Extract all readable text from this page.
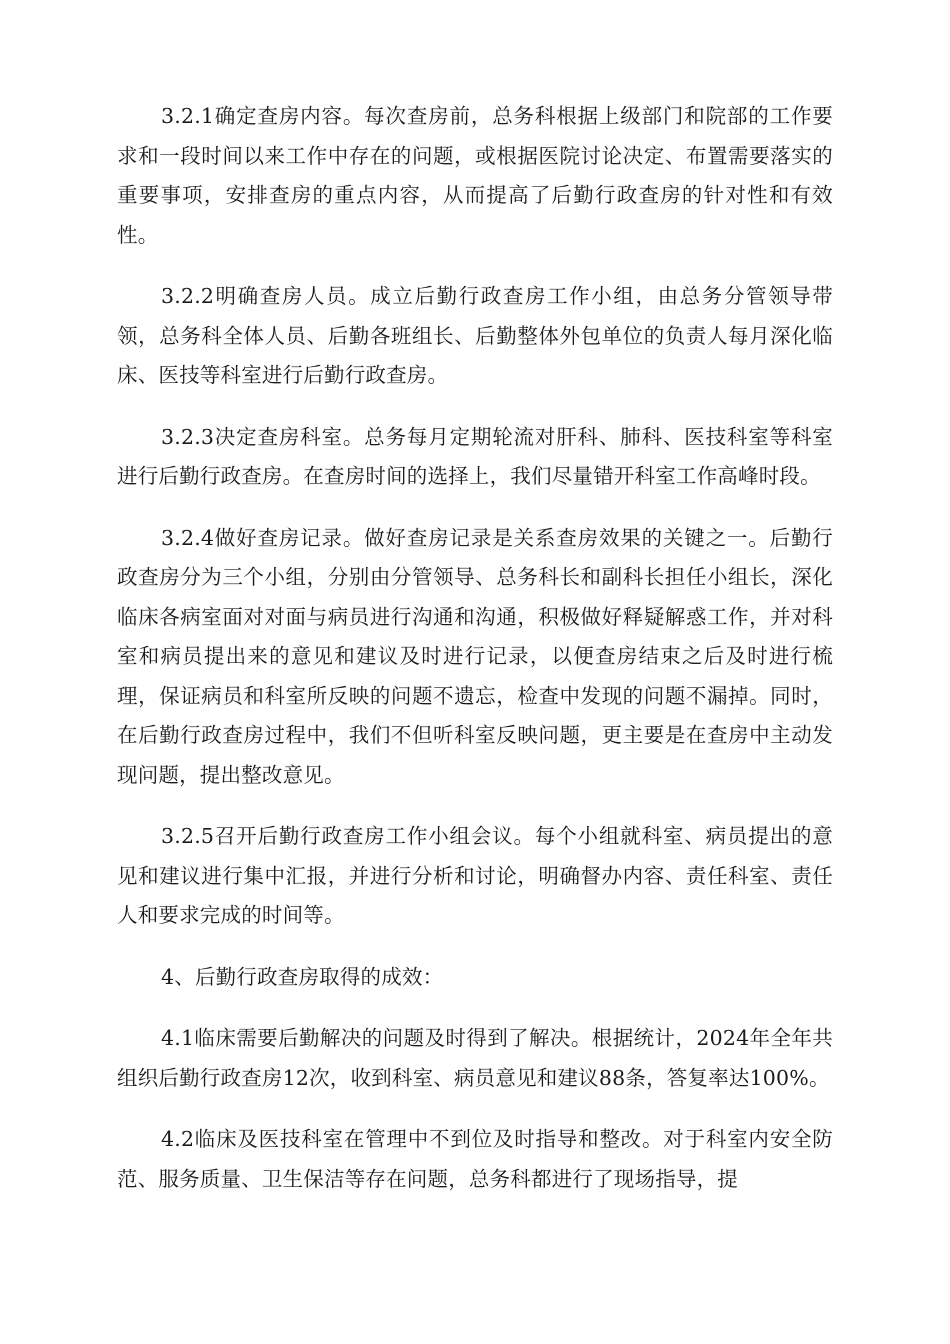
3.2.1确定查房内容。每次查房前，总务科根据上级部门和院部的工作要求和一段时间以来工作中存在的问题，或根据医院讨论决定、布置需要落实的重要事项，安排查房的重点内容，从而提高了后勤行政查房的针对性和有效性。

3.2.2明确查房人员。成立后勤行政查房工作小组，由总务分管领导带领，总务科全体人员、后勤各班组长、后勤整体外包单位的负责人每月深化临床、医技等科室进行后勤行政查房。

3.2.3决定查房科室。总务每月定期轮流对肝科、肺科、医技科室等科室进行后勤行政查房。在查房时间的选择上，我们尽量错开科室工作高峰时段。

3.2.4做好查房记录。做好查房记录是关系查房效果的关键之一。后勤行政查房分为三个小组，分别由分管领导、总务科长和副科长担任小组长，深化临床各病室面对对面与病员进行沟通和沟通，积极做好释疑解惑工作，并对科室和病员提出来的意见和建议及时进行记录，以便查房结束之后及时进行梳理，保证病员和科室所反映的问题不遗忘，检查中发现的问题不漏掉。同时，在后勤行政查房过程中，我们不但听科室反映问题，更主要是在查房中主动发现问题，提出整改意见。

3.2.5召开后勤行政查房工作小组会议。每个小组就科室、病员提出的意见和建议进行集中汇报，并进行分析和讨论，明确督办内容、责任科室、责任人和要求完成的时间等。

4、后勤行政查房取得的成效：

4.1临床需要后勤解决的问题及时得到了解决。根据统计，2024年全年共组织后勤行政查房12次，收到科室、病员意见和建议88条，答复率达100%。

4.2临床及医技科室在管理中不到位及时指导和整改。对于科室内安全防范、服务质量、卫生保洁等存在问题，总务科都进行了现场指导，提
